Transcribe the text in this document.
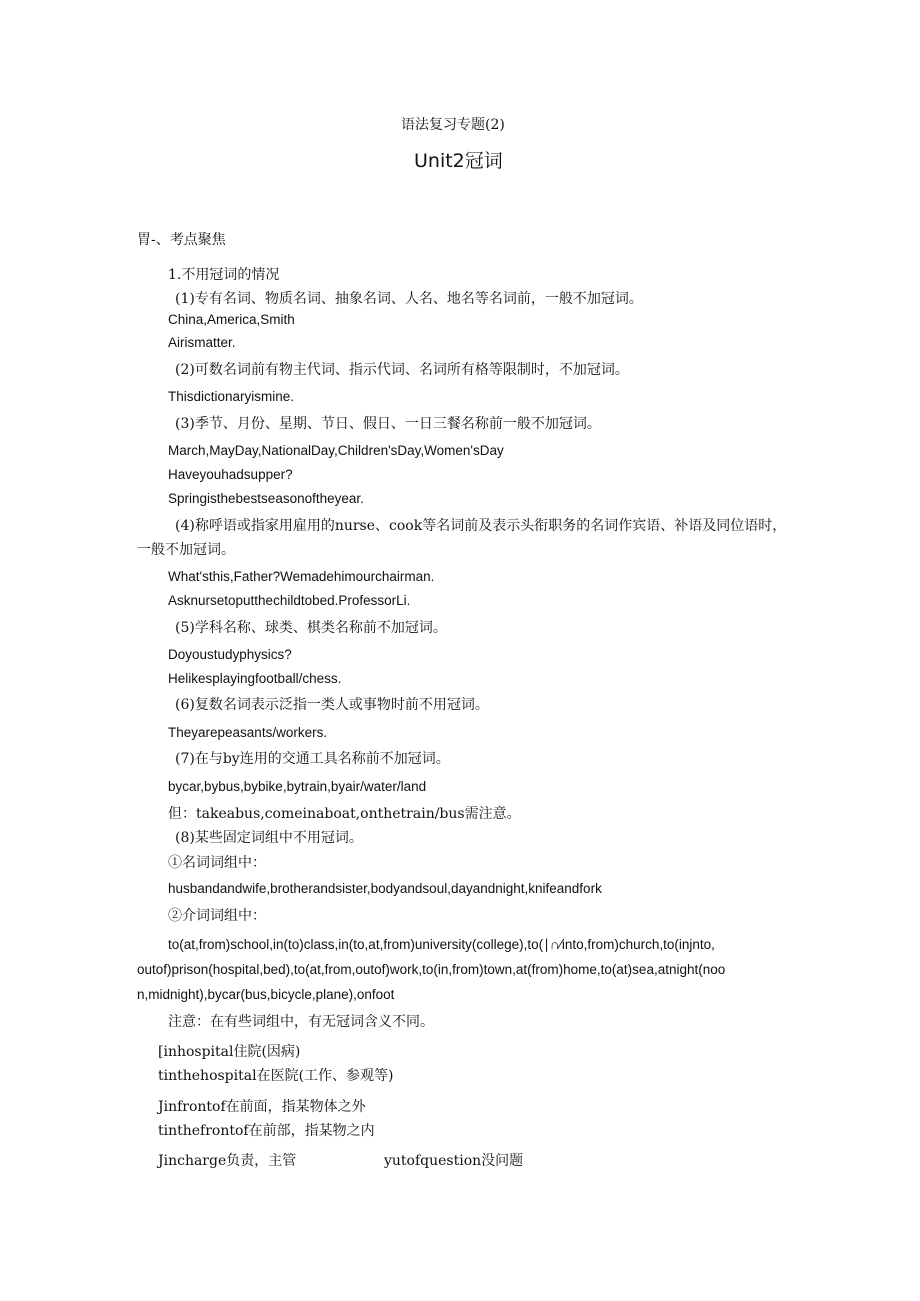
语法复习专题(2)
Unit2冠词
胃-、考点聚焦
1.不用冠词的情况
(1)专有名词、物质名词、抽象名词、人名、地名等名词前，一般不加冠词。
China,America,Smith
Airismatter.
(2)可数名词前有物主代词、指示代词、名词所有格等限制时，不加冠词。
Thisdictionaryismine.
(3)季节、月份、星期、节日、假日、一日三餐名称前一般不加冠词。
March,MayDay,NationalDay,Children'sDay,Women'sDay
Haveyouhadsupper?
Springisthebestseasonoftheyear.
(4)称呼语或指家用雇用的nurse、cook等名词前及表示头衔职务的名词作宾语、补语及同位语时，一般不加冠词。
What'sthis,Father?Wemadehimourchairman.
Asknursetoputthechildtobed.ProfessorLi.
(5)学科名称、球类、棋类名称前不加冠词。
Doyoustudyphysics?
Helikesplayingfootball/chess.
(6)复数名词表示泛指一类人或事物时前不用冠词。
Theyarepeasants/workers.
(7)在与by连用的交通工具名称前不加冠词。
bycar,bybus,bybike,bytrain,byair/water/land
但：takeabus,comeinaboat,onthetrain/bus需注意。
(8)某些固定词组中不用冠词。
①名词词组中：
husbandandwife,brotherandsister,bodyandsoul,dayandnight,knifeandfork
②介词词组中：
to(at,from)school,in(to)class,in(to,at,from)university(college),to(∣∩∕into,from)church,to(injnto,
outof)prison(hospital,bed),to(at,from,outof)work,to(in,from)town,at(from)home,to(at)sea,atnight(noo
n,midnight),bycar(bus,bicycle,plane),onfoot
注意：在有些词组中，有无冠词含义不同。
[inhospital住院(因病)
tinthehospital在医院(工作、参观等)
Jinfrontof在前面，指某物体之外
tinthefrontof在前部，指某物之内
Jincharge负责，主管	yutofquestion没问题
